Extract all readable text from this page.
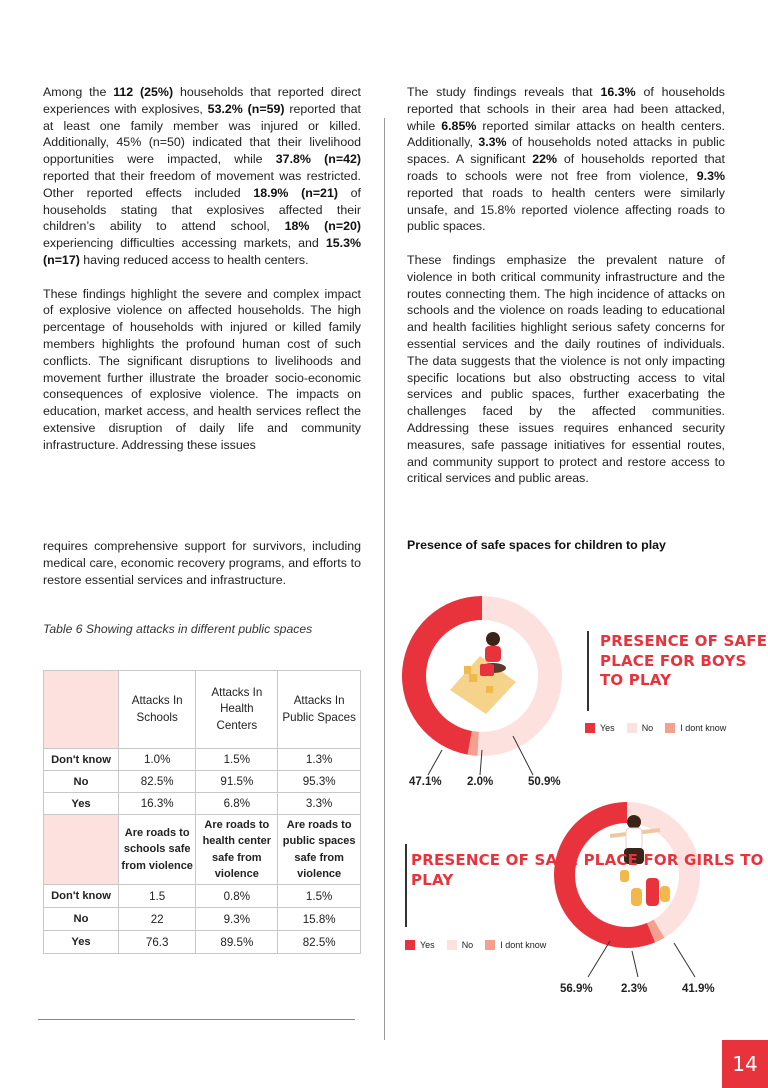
Among the 112 (25%) households that reported direct experiences with explosives, 53.2% (n=59) reported that at least one family member was injured or killed. Additionally, 45% (n=50) indicated that their livelihood opportunities were impacted, while 37.8% (n=42) reported that their freedom of movement was restricted. Other reported effects included 18.9% (n=21) of households stating that explosives affected their children’s ability to attend school, 18% (n=20) experiencing difficulties accessing markets, and 15.3% (n=17) having reduced access to health centers.

These findings highlight the severe and complex impact of explosive violence on affected households. The high percentage of households with injured or killed family members highlights the profound human cost of such conflicts. The significant disruptions to livelihoods and movement further illustrate the broader socio-economic consequences of explosive violence. The impacts on education, market access, and health services reflect the extensive disruption of daily life and community infrastructure. Addressing these issues

requires comprehensive support for survivors, including medical care, economic recovery programs, and efforts to restore essential services and infrastructure.

The study findings reveals that 16.3% of households reported that schools in their area had been attacked, while 6.85% reported similar attacks on health centers. Additionally, 3.3% of households noted attacks in public spaces. A significant 22% of households reported that roads to schools were not free from violence, 9.3% reported that roads to health centers were similarly unsafe, and 15.8% reported violence affecting roads to public spaces.

These findings emphasize the prevalent nature of violence in both critical community infrastructure and the routes connecting them. The high incidence of attacks on schools and the violence on roads leading to educational and health facilities highlight serious safety concerns for essential services and the daily routines of individuals. The data suggests that the violence is not only impacting specific locations but also obstructing access to vital services and public spaces, further exacerbating the challenges faced by the affected communities. Addressing these issues requires enhanced security measures, safe passage initiatives for essential routes, and community support to protect and restore access to critical services and public areas.

Presence of safe spaces for children to play
Table 6 Showing attacks in different public spaces
	Attacks In Schools	Attacks In Health Centers	Attacks In Public Spaces
Don't know	1.0%	1.5%	1.3%
No	82.5%	91.5%	95.3%
Yes	16.3%	6.8%	3.3%
	Are roads to schools safe from violence	Are roads to health center safe from violence	Are roads to public spaces safe from violence
Don't know	1.5	0.8%	1.5%
No	22	9.3%	15.8%
Yes	76.3	89.5%	82.5%
PRESENCE OF SAFE PLACE FOR BOYS TO PLAY
Yes	No	I dont know
47.1% 2.0%	50.9%
PRESENCE OF SAFE PLACE FOR GIRLS TO PLAY
Yes	No	I dont know
56.9% 2.3%	41.9%
14
